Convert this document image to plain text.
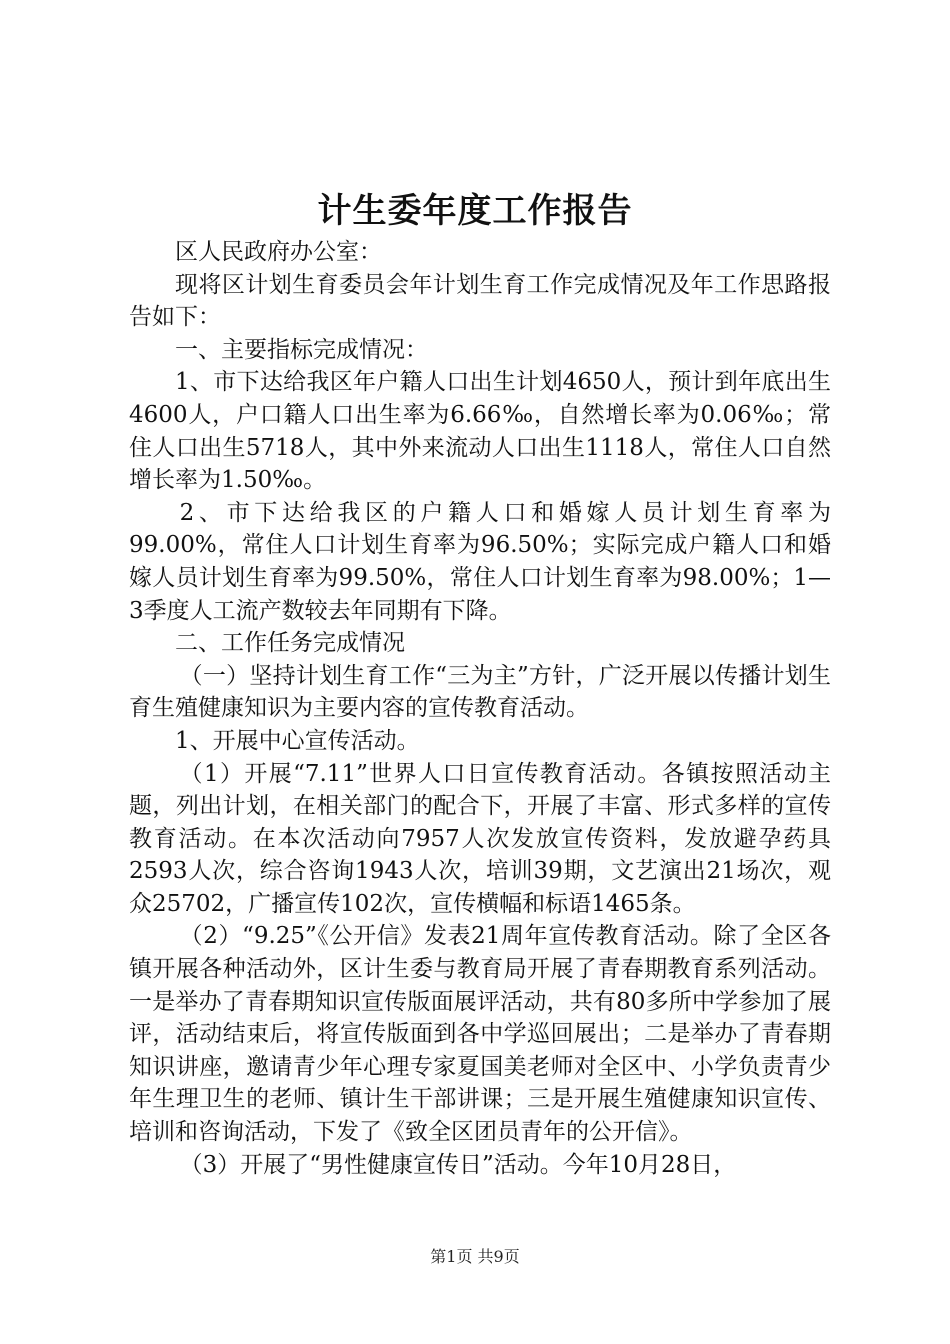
计生委年度工作报告

区人民政府办公室：

现将区计划生育委员会年计划生育工作完成情况及年工作思路报告如下：

一、主要指标完成情况：

1、市下达给我区年户籍人口出生计划4650人，预计到年底出生4600人，户口籍人口出生率为6.66‰，自然增长率为0.06‰；常住人口出生5718人，其中外来流动人口出生1118人，常住人口自然增长率为1.50‰。

2、市下达给我区的户籍人口和婚嫁人员计划生育率为99.00%，常住人口计划生育率为96.50%；实际完成户籍人口和婚嫁人员计划生育率为99.50%，常住人口计划生育率为98.00%；1—3季度人工流产数较去年同期有下降。

二、工作任务完成情况

（一）坚持计划生育工作“三为主”方针，广泛开展以传播计划生育生殖健康知识为主要内容的宣传教育活动。

1、开展中心宣传活动。

（1）开展“7.11”世界人口日宣传教育活动。各镇按照活动主题，列出计划，在相关部门的配合下，开展了丰富、形式多样的宣传教育活动。在本次活动向7957人次发放宣传资料，发放避孕药具2593人次，综合咨询1943人次，培训39期，文艺演出21场次，观众25702，广播宣传102次，宣传横幅和标语1465条。

（2）“9.25”《公开信》发表21周年宣传教育活动。除了全区各镇开展各种活动外，区计生委与教育局开展了青春期教育系列活动。一是举办了青春期知识宣传版面展评活动，共有80多所中学参加了展评，活动结束后，将宣传版面到各中学巡回展出；二是举办了青春期知识讲座，邀请青少年心理专家夏国美老师对全区中、小学负责青少年生理卫生的老师、镇计生干部讲课；三是开展生殖健康知识宣传、培训和咨询活动，下发了《致全区团员青年的公开信》。

（3）开展了“男性健康宣传日”活动。今年10月28日，

第1页 共9页
